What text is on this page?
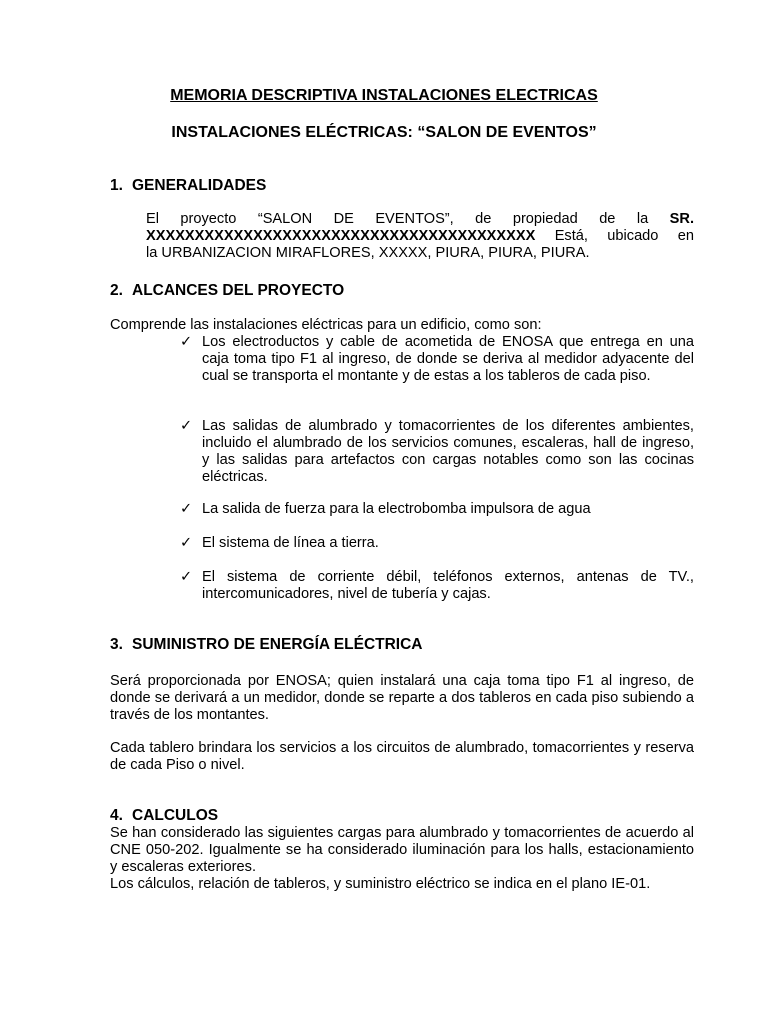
MEMORIA DESCRIPTIVA INSTALACIONES ELECTRICAS
INSTALACIONES ELÉCTRICAS: “SALON DE EVENTOS”
1. GENERALIDADES
El proyecto “SALON DE EVENTOS”, de propiedad de la SR.
XXXXXXXXXXXXXXXXXXXXXXXXXXXXXXXXXXXXXXXX Está, ubicado en
la URBANIZACION MIRAFLORES, XXXXX, PIURA, PIURA, PIURA.
2. ALCANCES DEL PROYECTO
Comprende las instalaciones eléctricas para un edificio, como son:
✓ Los electroductos y cable de acometida de ENOSA que entrega en una caja toma tipo F1 al ingreso, de donde se deriva al medidor adyacente del cual se transporta el montante y de estas a los tableros de cada piso.
✓ Las salidas de alumbrado y tomacorrientes de los diferentes ambientes, incluido el alumbrado de los servicios comunes, escaleras, hall de ingreso, y las salidas para artefactos con cargas notables como son las cocinas eléctricas.
✓ La salida de fuerza para la electrobomba impulsora de agua
✓ El sistema de línea a tierra.
✓ El sistema de corriente débil, teléfonos externos, antenas de TV., intercomunicadores, nivel de tubería y cajas.
3. SUMINISTRO DE ENERGÍA ELÉCTRICA
Será proporcionada por ENOSA; quien instalará una caja toma tipo F1 al ingreso, de donde se derivará a un medidor, donde se reparte a dos tableros en cada piso subiendo a través de los montantes.
Cada tablero brindara los servicios a los circuitos de alumbrado, tomacorrientes y reserva de cada Piso o nivel.
4. CALCULOS
Se han considerado las siguientes cargas para alumbrado y tomacorrientes de acuerdo al CNE 050-202. Igualmente se ha considerado iluminación para los halls, estacionamiento y escaleras exteriores.
Los cálculos, relación de tableros, y suministro eléctrico se indica en el plano IE-01.
